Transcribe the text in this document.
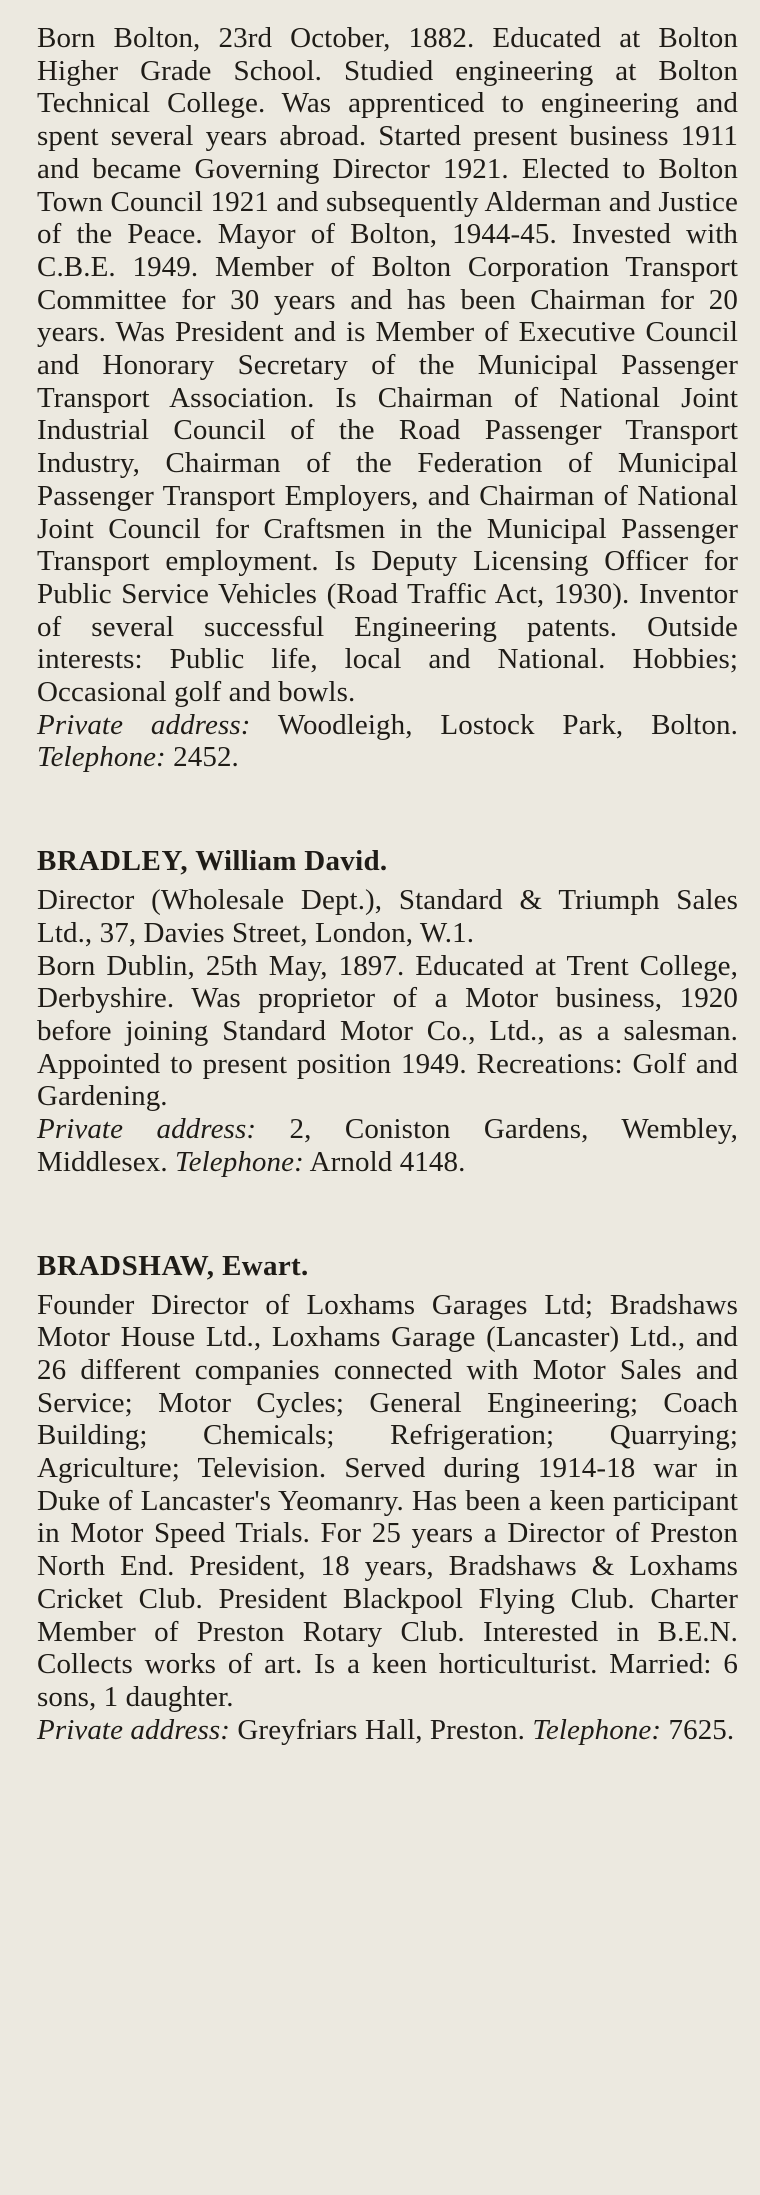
Born Bolton, 23rd October, 1882. Educated at Bolton Higher Grade School. Studied engineering at Bolton Technical College. Was apprenticed to engineering and spent several years abroad. Started present business 1911 and became Governing Director 1921. Elected to Bolton Town Council 1921 and subsequently Alderman and Justice of the Peace. Mayor of Bolton, 1944-45. Invested with C.B.E. 1949. Member of Bolton Corporation Transport Committee for 30 years and has been Chairman for 20 years. Was President and is Member of Executive Council and Honorary Secretary of the Municipal Passenger Transport Association. Is Chairman of National Joint Industrial Council of the Road Passenger Transport Industry, Chairman of the Federation of Municipal Passenger Transport Employers, and Chairman of National Joint Council for Craftsmen in the Municipal Passenger Transport employment. Is Deputy Licensing Officer for Public Service Vehicles (Road Traffic Act, 1930). Inventor of several successful Engineering patents. Outside interests: Public life, local and National. Hobbies; Occasional golf and bowls.

Private address: Woodleigh, Lostock Park, Bolton. Telephone: 2452.

BRADLEY, William David.

Director (Wholesale Dept.), Standard & Triumph Sales Ltd., 37, Davies Street, London, W.1.

Born Dublin, 25th May, 1897. Educated at Trent College, Derbyshire. Was proprietor of a Motor business, 1920 before joining Standard Motor Co., Ltd., as a salesman. Appointed to present position 1949. Recreations: Golf and Gardening.

Private address: 2, Coniston Gardens, Wembley, Middlesex. Telephone: Arnold 4148.

BRADSHAW, Ewart.

Founder Director of Loxhams Garages Ltd; Bradshaws Motor House Ltd., Loxhams Garage (Lancaster) Ltd., and 26 different companies connected with Motor Sales and Service; Motor Cycles; General Engineering; Coach Building; Chemicals; Refrigeration; Quarrying; Agriculture; Television. Served during 1914-18 war in Duke of Lancaster's Yeomanry. Has been a keen participant in Motor Speed Trials. For 25 years a Director of Preston North End. President, 18 years, Bradshaws & Loxhams Cricket Club. President Blackpool Flying Club. Charter Member of Preston Rotary Club. Interested in B.E.N. Collects works of art. Is a keen horticulturist. Married: 6 sons, 1 daughter.

Private address: Greyfriars Hall, Preston. Telephone: 7625.
